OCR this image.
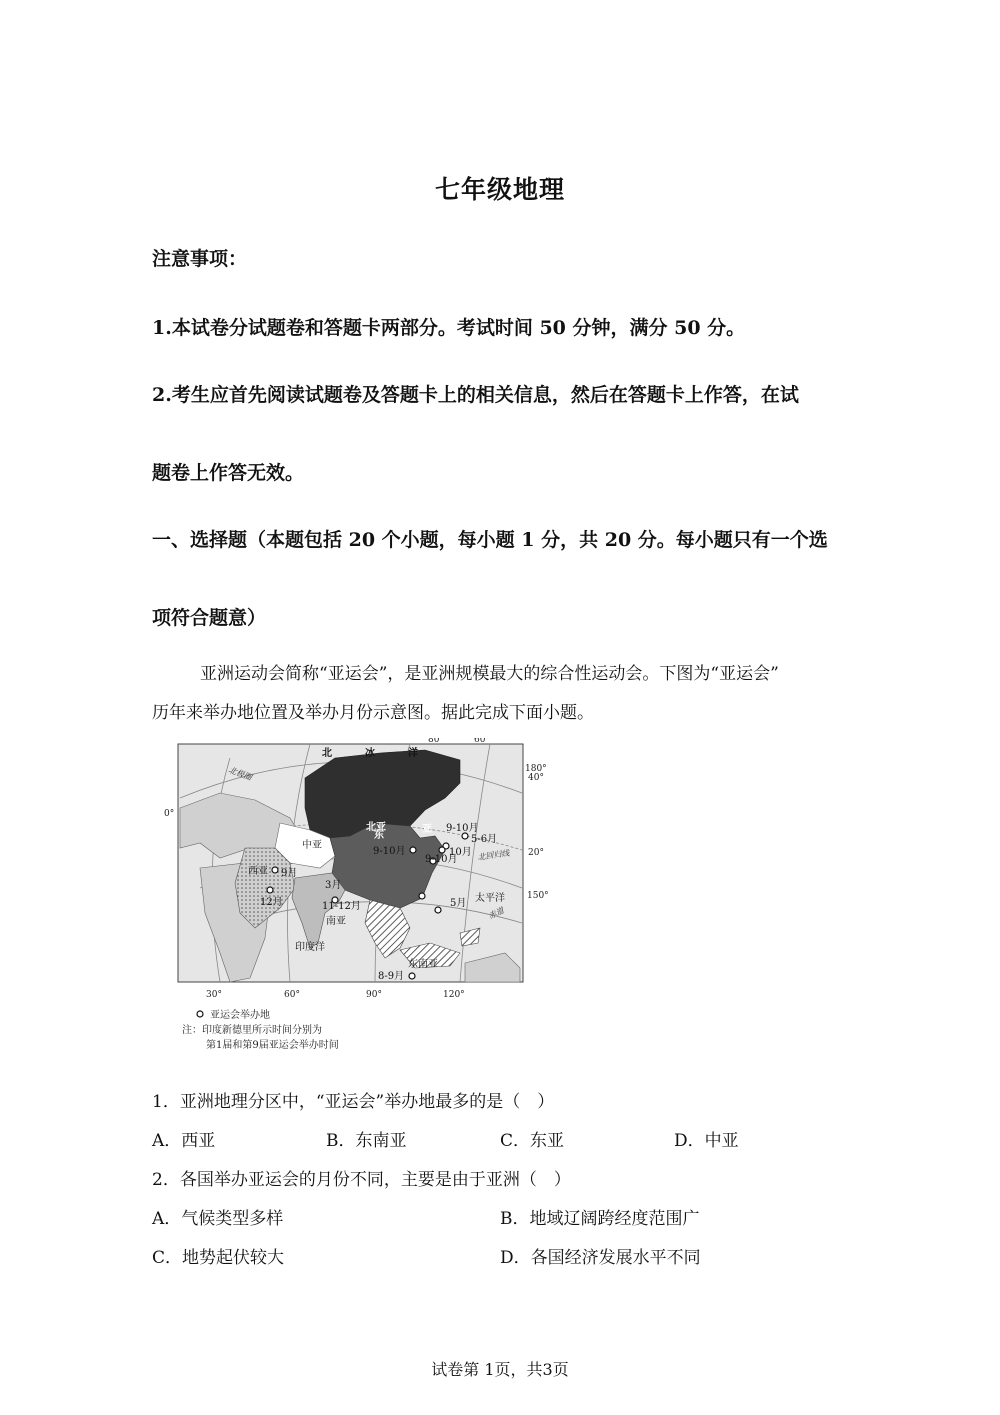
七年级地理
注意事项：
1.本试卷分试题卷和答题卡两部分。考试时间 50 分钟，满分 50 分。
2.考生应首先阅读试题卷及答题卡上的相关信息，然后在答题卡上作答，在试
题卷上作答无效。
一、选择题（本题包括 20 个小题，每小题 1 分，共 20 分。每小题只有一个选
项符合题意）
亚洲运动会简称“亚运会”，是亚洲规模最大的综合性运动会。下图为“亚运会”
历年来举办地位置及举办月份示意图。据此完成下面小题。
北	冰	洋
北亚
中亚
东
亚
西亚
南亚
东南亚
印度洋
太平洋
北极圈
北回归线
赤道
9-10月
5-6月
9-10月	10月
9-10月
9月
3月
12月	11-12月	5月
8-9月
80°	60°
180°
40°
20°
150°
0°
30°	60°	90°	120°
亚运会举办地
注：印度新德里所示时间分别为
第1届和第9届亚运会举办时间
1．亚洲地理分区中，“亚运会”举办地最多的是（　）
A．西亚	B．东南亚	C．东亚	D．中亚
2．各国举办亚运会的月份不同，主要是由于亚洲（　）
A．气候类型多样	B．地域辽阔跨经度范围广
C．地势起伏较大	D．各国经济发展水平不同
试卷第 1页，共3页
